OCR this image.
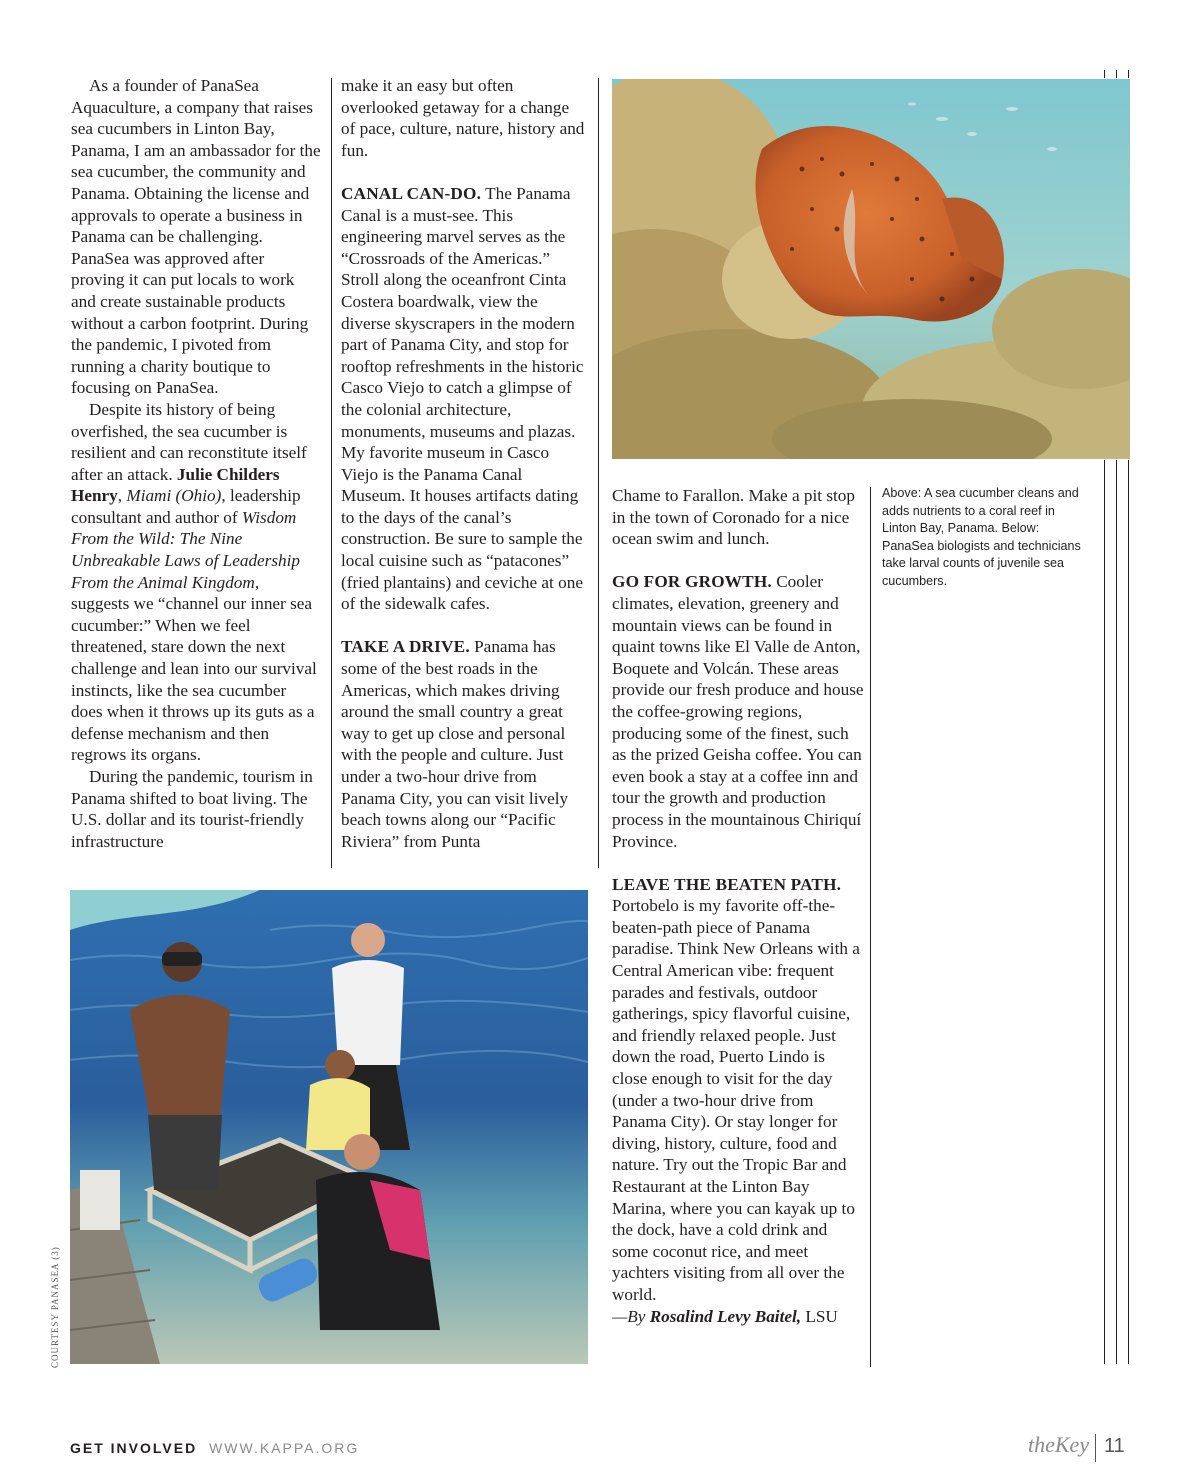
As a founder of PanaSea Aquaculture, a company that raises sea cucumbers in Linton Bay, Panama, I am an ambassador for the sea cucumber, the community and Panama. Obtaining the license and approvals to operate a business in Panama can be challenging. PanaSea was approved after proving it can put locals to work and create sustainable products without a carbon footprint. During the pandemic, I pivoted from running a charity boutique to focusing on PanaSea.

Despite its history of being overfished, the sea cucumber is resilient and can reconstitute itself after an attack. Julie Childers Henry, Miami (Ohio), leadership consultant and author of Wisdom From the Wild: The Nine Unbreakable Laws of Leadership From the Animal Kingdom, suggests we “channel our inner sea cucumber:” When we feel threatened, stare down the next challenge and lean into our survival instincts, like the sea cucumber does when it throws up its guts as a defense mechanism and then regrows its organs.

During the pandemic, tourism in Panama shifted to boat living. The U.S. dollar and its tourist-friendly infrastructure

make it an easy but often overlooked getaway for a change of pace, culture, nature, history and fun.

CANAL CAN-DO. The Panama Canal is a must-see. This engineering marvel serves as the “Crossroads of the Americas.” Stroll along the oceanfront Cinta Costera boardwalk, view the diverse skyscrapers in the modern part of Panama City, and stop for rooftop refreshments in the historic Casco Viejo to catch a glimpse of the colonial architecture, monuments, museums and plazas. My favorite museum in Casco Viejo is the Panama Canal Museum. It houses artifacts dating to the days of the canal’s construction. Be sure to sample the local cuisine such as “patacones” (fried plantains) and ceviche at one of the sidewalk cafes.

TAKE A DRIVE. Panama has some of the best roads in the Americas, which makes driving around the small country a great way to get up close and personal with the people and culture. Just under a two-hour drive from Panama City, you can visit lively beach towns along our “Pacific Riviera” from Punta

Chame to Farallon. Make a pit stop in the town of Coronado for a nice ocean swim and lunch.

GO FOR GROWTH. Cooler climates, elevation, greenery and mountain views can be found in quaint towns like El Valle de Anton, Boquete and Volcán. These areas provide our fresh produce and house the coffee-growing regions, producing some of the finest, such as the prized Geisha coffee. You can even book a stay at a coffee inn and tour the growth and production process in the mountainous Chiriquí Province.

LEAVE THE BEATEN PATH.
Portobelo is my favorite off-the-beaten-path piece of Panama paradise. Think New Orleans with a Central American vibe: frequent parades and festivals, outdoor gatherings, spicy flavorful cuisine, and friendly relaxed people. Just down the road, Puerto Lindo is close enough to visit for the day (under a two-hour drive from Panama City). Or stay longer for diving, history, culture, food and nature. Try out the Tropic Bar and Restaurant at the Linton Bay Marina, where you can kayak up to the dock, have a cold drink and some coconut rice, and meet yachters visiting from all over the world.

—By Rosalind Levy Baitel, LSU

Above: A sea cucumber cleans and adds nutrients to a coral reef in Linton Bay, Panama. Below: PanaSea biologists and technicians take larval counts of juvenile sea cucumbers.
COURTESY PANASEA (3)
GET INVOLVED WWW.KAPPA.ORG	theKey 11
